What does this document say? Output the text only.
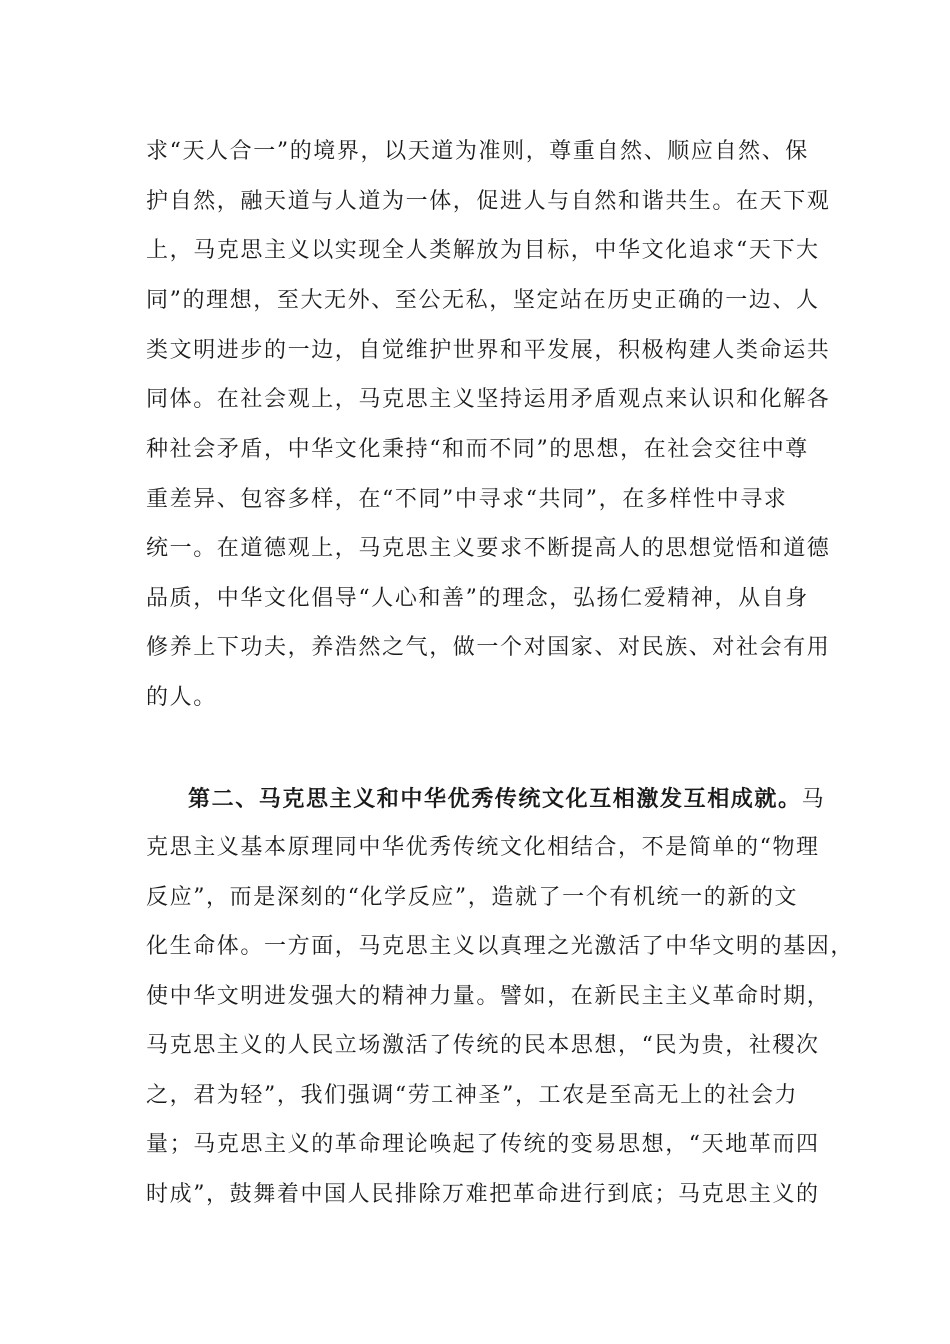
求“天人合一”的境界，以天道为准则，尊重自然、顺应自然、保
护自然，融天道与人道为一体，促进人与自然和谐共生。在天下观
上，马克思主义以实现全人类解放为目标，中华文化追求“天下大
同”的理想，至大无外、至公无私，坚定站在历史正确的一边、人
类文明进步的一边，自觉维护世界和平发展，积极构建人类命运共
同体。在社会观上，马克思主义坚持运用矛盾观点来认识和化解各
种社会矛盾，中华文化秉持“和而不同”的思想，在社会交往中尊
重差异、包容多样，在“不同”中寻求“共同”，在多样性中寻求
统一。在道德观上，马克思主义要求不断提高人的思想觉悟和道德
品质，中华文化倡导“人心和善”的理念，弘扬仁爱精神，从自身
修养上下功夫，养浩然之气，做一个对国家、对民族、对社会有用
的人。
第二、马克思主义和中华优秀传统文化互相激发互相成就。马
克思主义基本原理同中华优秀传统文化相结合，不是简单的“物理
反应”，而是深刻的“化学反应”，造就了一个有机统一的新的文
化生命体。一方面，马克思主义以真理之光激活了中华文明的基因，
使中华文明进发强大的精神力量。譬如，在新民主主义革命时期，
马克思主义的人民立场激活了传统的民本思想，“民为贵，社稷次
之，君为轻”，我们强调“劳工神圣”，工农是至高无上的社会力
量；马克思主义的革命理论唤起了传统的变易思想，“天地革而四
时成”，鼓舞着中国人民排除万难把革命进行到底；马克思主义的
